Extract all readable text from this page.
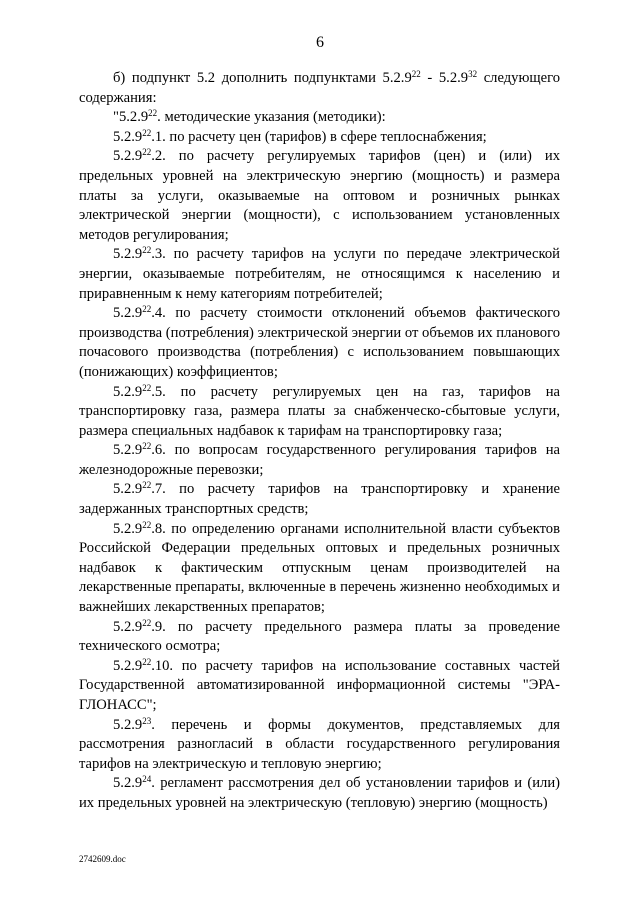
6

б) подпункт 5.2 дополнить подпунктами 5.2.9$^{22}$ - 5.2.9$^{32}$ следующего содержания:

"5.2.9$^{22}$. методические указания (методики):

5.2.9$^{22}$.1. по расчету цен (тарифов) в сфере теплоснабжения;

5.2.9$^{22}$.2. по расчету регулируемых тарифов (цен) и (или) их предельных уровней на электрическую энергию (мощность) и размера платы за услуги, оказываемые на оптовом и розничных рынках электрической энергии (мощности), с использованием установленных методов регулирования;

5.2.9$^{22}$.3. по расчету тарифов на услуги по передаче электрической энергии, оказываемые потребителям, не относящимся к населению и приравненным к нему категориям потребителей;

5.2.9$^{22}$.4. по расчету стоимости отклонений объемов фактического производства (потребления) электрической энергии от объемов их планового почасового производства (потребления) с использованием повышающих (понижающих) коэффициентов;

5.2.9$^{22}$.5. по расчету регулируемых цен на газ, тарифов на транспортировку газа, размера платы за снабженческо-сбытовые услуги, размера специальных надбавок к тарифам на транспортировку газа;

5.2.9$^{22}$.6. по вопросам государственного регулирования тарифов на железнодорожные перевозки;

5.2.9$^{22}$.7. по расчету тарифов на транспортировку и хранение задержанных транспортных средств;

5.2.9$^{22}$.8. по определению органами исполнительной власти субъектов Российской Федерации предельных оптовых и предельных розничных надбавок к фактическим отпускным ценам производителей на лекарственные препараты, включенные в перечень жизненно необходимых и важнейших лекарственных препаратов;

5.2.9$^{22}$.9. по расчету предельного размера платы за проведение технического осмотра;

5.2.9$^{22}$.10. по расчету тарифов на использование составных частей Государственной автоматизированной информационной системы "ЭРА-ГЛОНАСС";

5.2.9$^{23}$. перечень и формы документов, представляемых для рассмотрения разногласий в области государственного регулирования тарифов на электрическую и тепловую энергию;

5.2.9$^{24}$. регламент рассмотрения дел об установлении тарифов и (или) их предельных уровней на электрическую (тепловую) энергию (мощность)

2742609.doc
